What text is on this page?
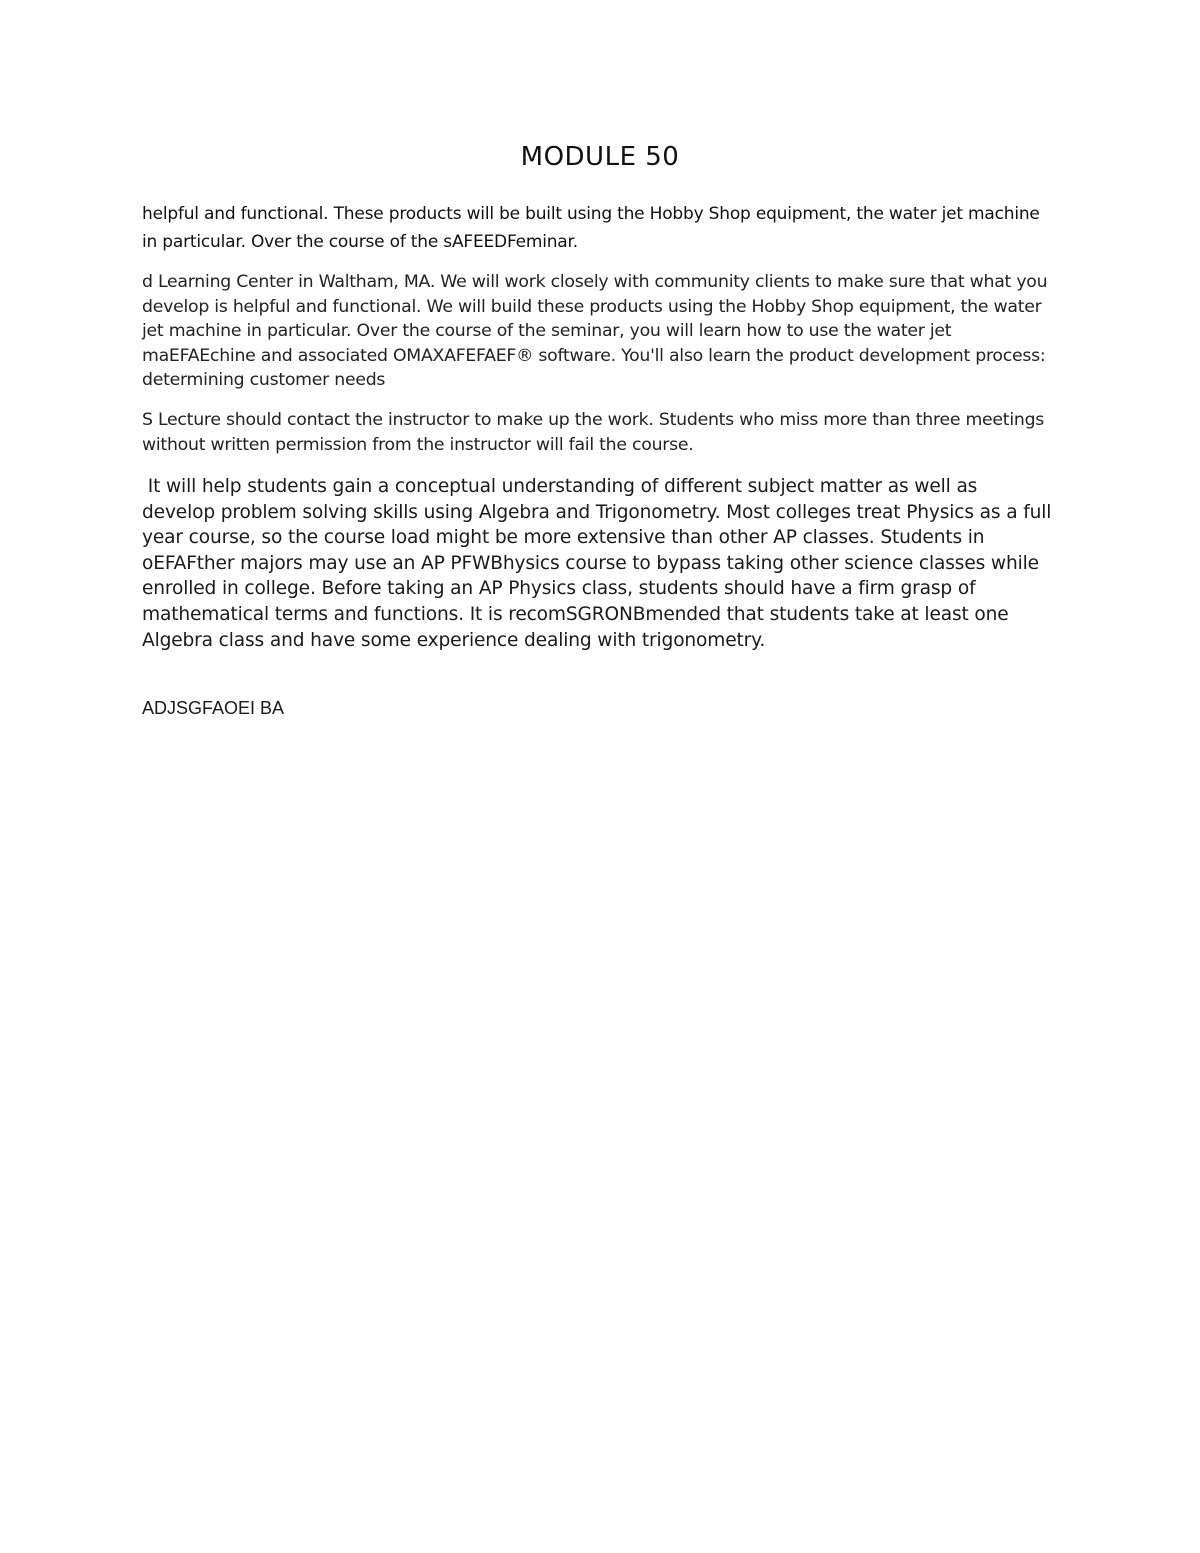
MODULE 50

helpful and functional. These products will be built using the Hobby Shop equipment, the water jet machine in particular. Over the course of the sAFEEDFeminar.

d Learning Center in Waltham, MA. We will work closely with community clients to make sure that what you develop is helpful and functional. We will build these products using the Hobby Shop equipment, the water jet machine in particular. Over the course of the seminar, you will learn how to use the water jet maEFAEchine and associated OMAXAFEFAEF® software. You'll also learn the product development process: determining customer needs

S Lecture should contact the instructor to make up the work. Students who miss more than three meetings without written permission from the instructor will fail the course.

It will help students gain a conceptual understanding of different subject matter as well as develop problem solving skills using Algebra and Trigonometry. Most colleges treat Physics as a full year course, so the course load might be more extensive than other AP classes. Students in oEFAFther majors may use an AP PFWBhysics course to bypass taking other science classes while enrolled in college. Before taking an AP Physics class, students should have a firm grasp of mathematical terms and functions. It is recomSGRONBmended that students take at least one Algebra class and have some experience dealing with trigonometry.

ADJSGFAOEI BA
